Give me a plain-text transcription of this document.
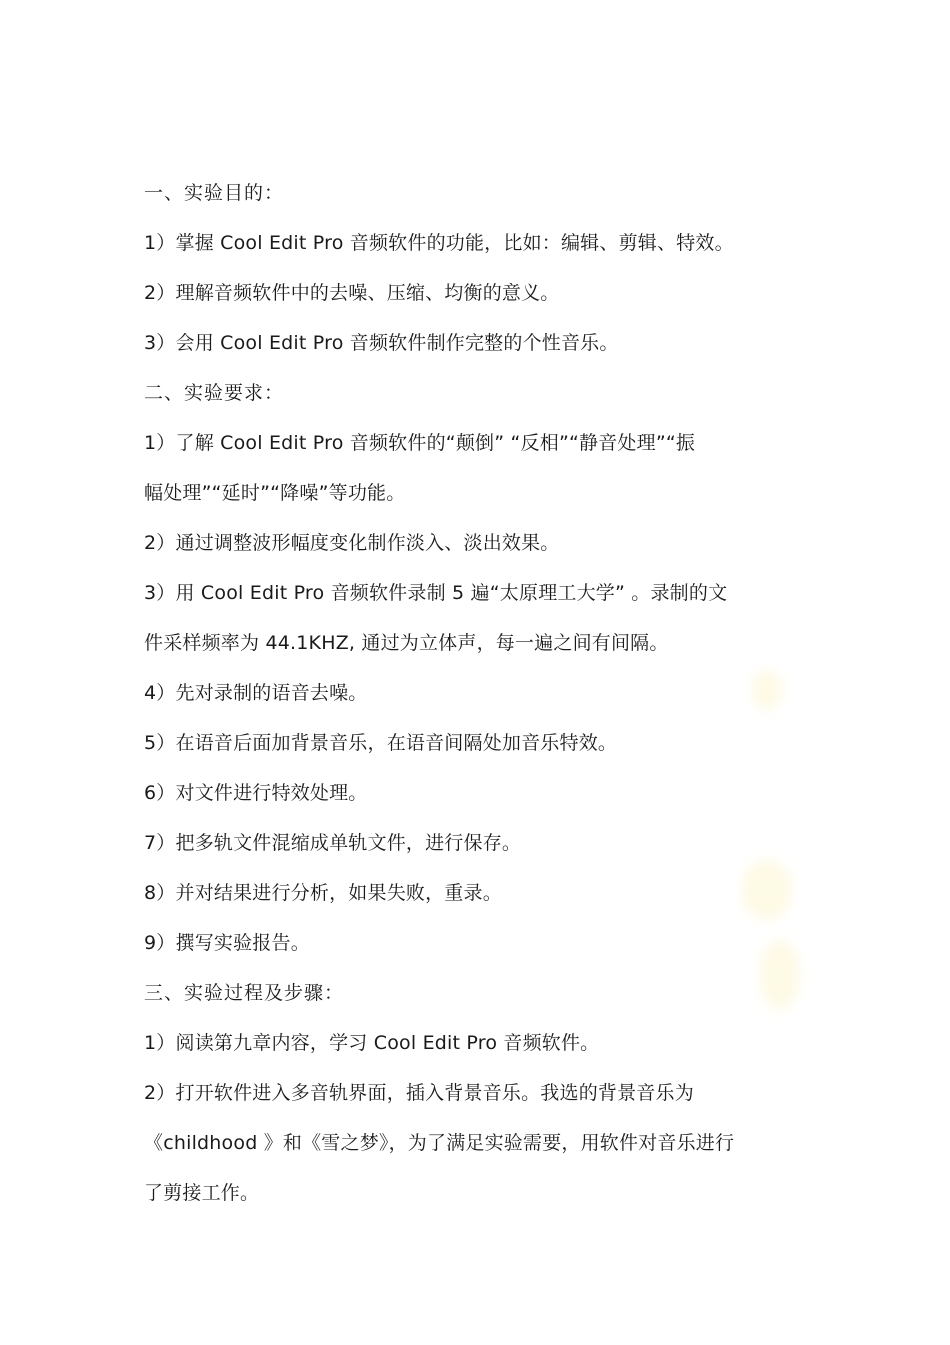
一、实验目的：
1）掌握 Cool Edit Pro 音频软件的功能，比如：编辑、剪辑、特效。
2）理解音频软件中的去噪、压缩、均衡的意义。
3）会用 Cool Edit Pro 音频软件制作完整的个性音乐。
二、实验要求：
1）了解 Cool Edit Pro 音频软件的“颠倒” “反相”“静音处理”“振
幅处理”“延时”“降噪”等功能。
2）通过调整波形幅度变化制作淡入、淡出效果。
3）用 Cool Edit Pro 音频软件录制 5 遍“太原理工大学” 。录制的文
件采样频率为 44.1KHZ, 通过为立体声，每一遍之间有间隔。
4）先对录制的语音去噪。
5）在语音后面加背景音乐，在语音间隔处加音乐特效。
6）对文件进行特效处理。
7）把多轨文件混缩成单轨文件，进行保存。
8）并对结果进行分析，如果失败，重录。
9）撰写实验报告。
三、实验过程及步骤：
1）阅读第九章内容，学习 Cool Edit Pro 音频软件。
2）打开软件进入多音轨界面，插入背景音乐。我选的背景音乐为
《childhood 》和《雪之梦》，为了满足实验需要，用软件对音乐进行
了剪接工作。
